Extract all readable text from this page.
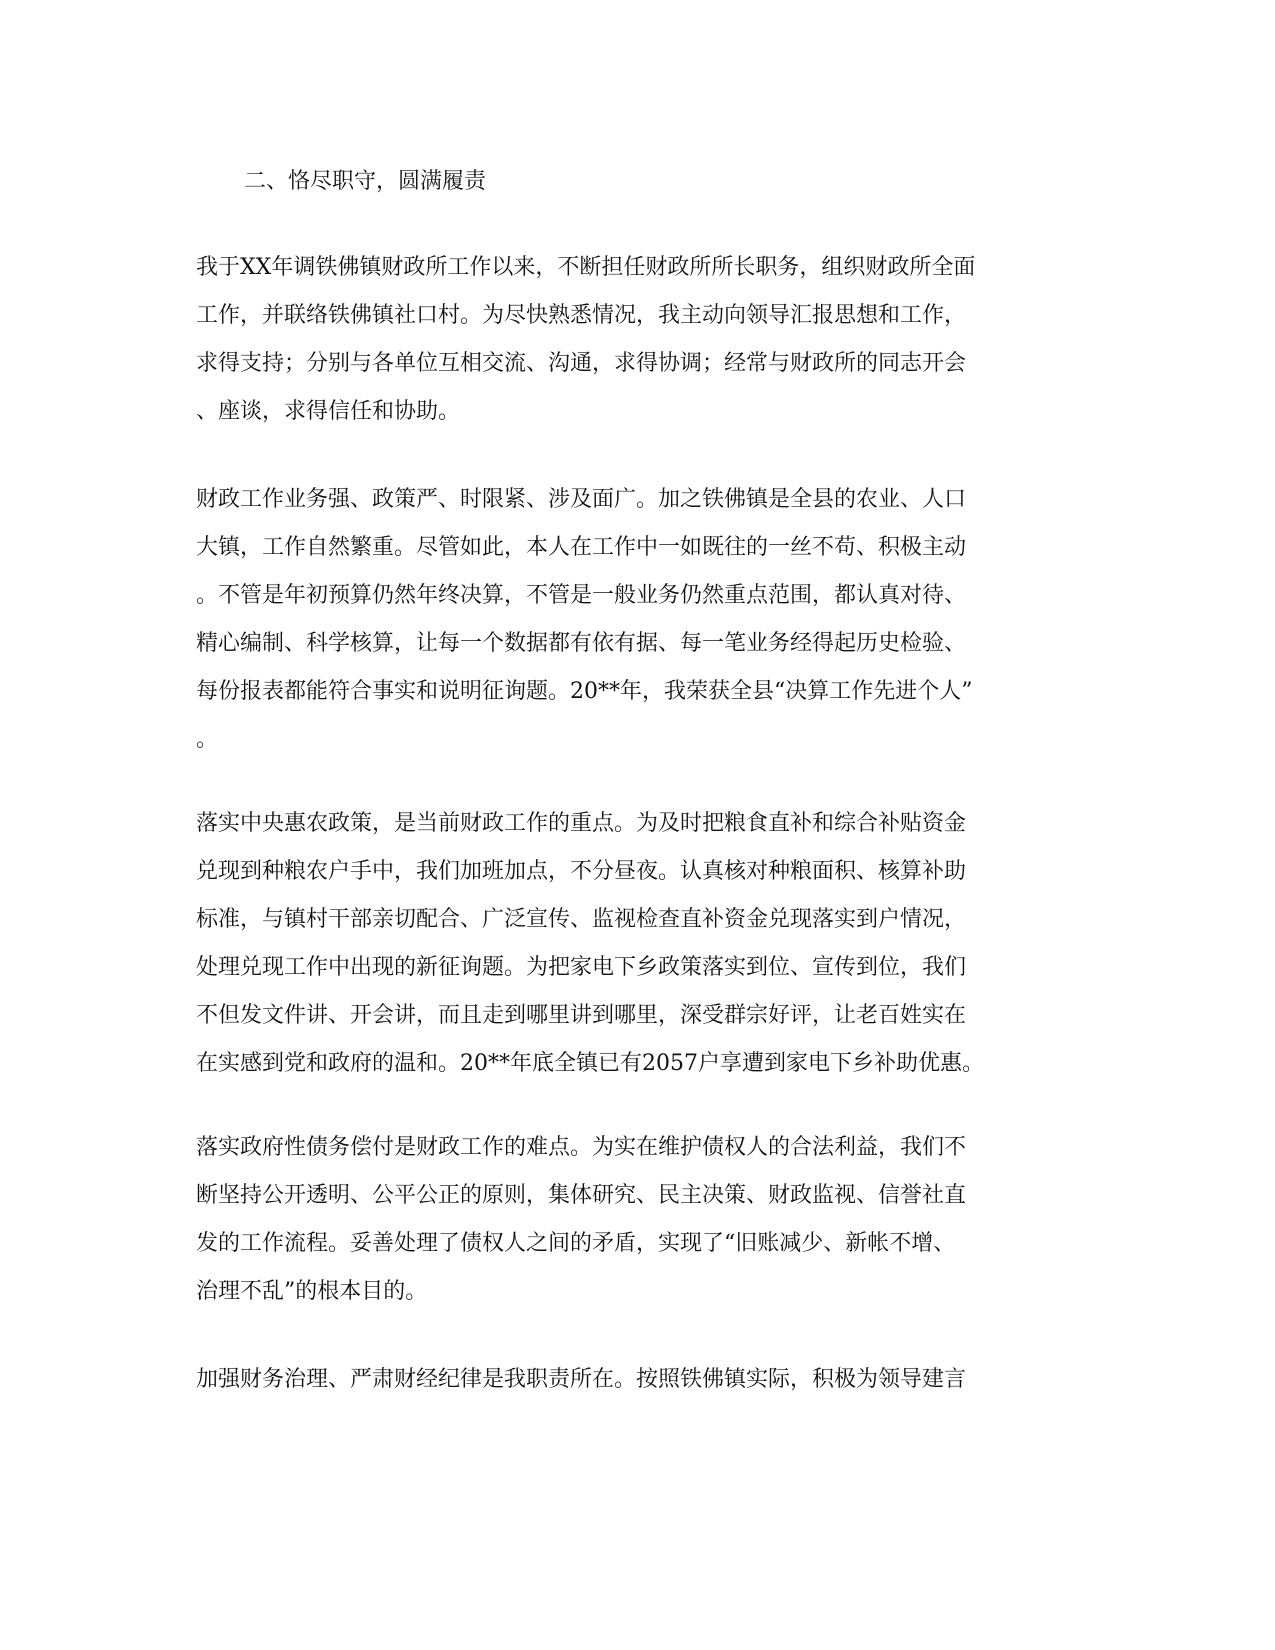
二、恪尽职守，圆满履责
我于XX年调铁佛镇财政所工作以来，不断担任财政所所长职务，组织财政所全面
工作，并联络铁佛镇社口村。为尽快熟悉情况，我主动向领导汇报思想和工作，
求得支持；分别与各单位互相交流、沟通，求得协调；经常与财政所的同志开会
、座谈，求得信任和协助。
财政工作业务强、政策严、时限紧、涉及面广。加之铁佛镇是全县的农业、人口
大镇，工作自然繁重。尽管如此，本人在工作中一如既往的一丝不苟、积极主动
。不管是年初预算仍然年终决算，不管是一般业务仍然重点范围，都认真对待、
精心编制、科学核算，让每一个数据都有依有据、每一笔业务经得起历史检验、
每份报表都能符合事实和说明征询题。20**年，我荣获全县“决算工作先进个人”
。
落实中央惠农政策，是当前财政工作的重点。为及时把粮食直补和综合补贴资金
兑现到种粮农户手中，我们加班加点，不分昼夜。认真核对种粮面积、核算补助
标准，与镇村干部亲切配合、广泛宣传、监视检查直补资金兑现落实到户情况，
处理兑现工作中出现的新征询题。为把家电下乡政策落实到位、宣传到位，我们
不但发文件讲、开会讲，而且走到哪里讲到哪里，深受群宗好评，让老百姓实在
在实感到党和政府的温和。20**年底全镇已有2057户享遭到家电下乡补助优惠。
落实政府性债务偿付是财政工作的难点。为实在维护债权人的合法利益，我们不
断坚持公开透明、公平公正的原则，集体研究、民主决策、财政监视、信誉社直
发的工作流程。妥善处理了债权人之间的矛盾，实现了“旧账减少、新帐不增、
治理不乱”的根本目的。
加强财务治理、严肃财经纪律是我职责所在。按照铁佛镇实际，积极为领导建言
